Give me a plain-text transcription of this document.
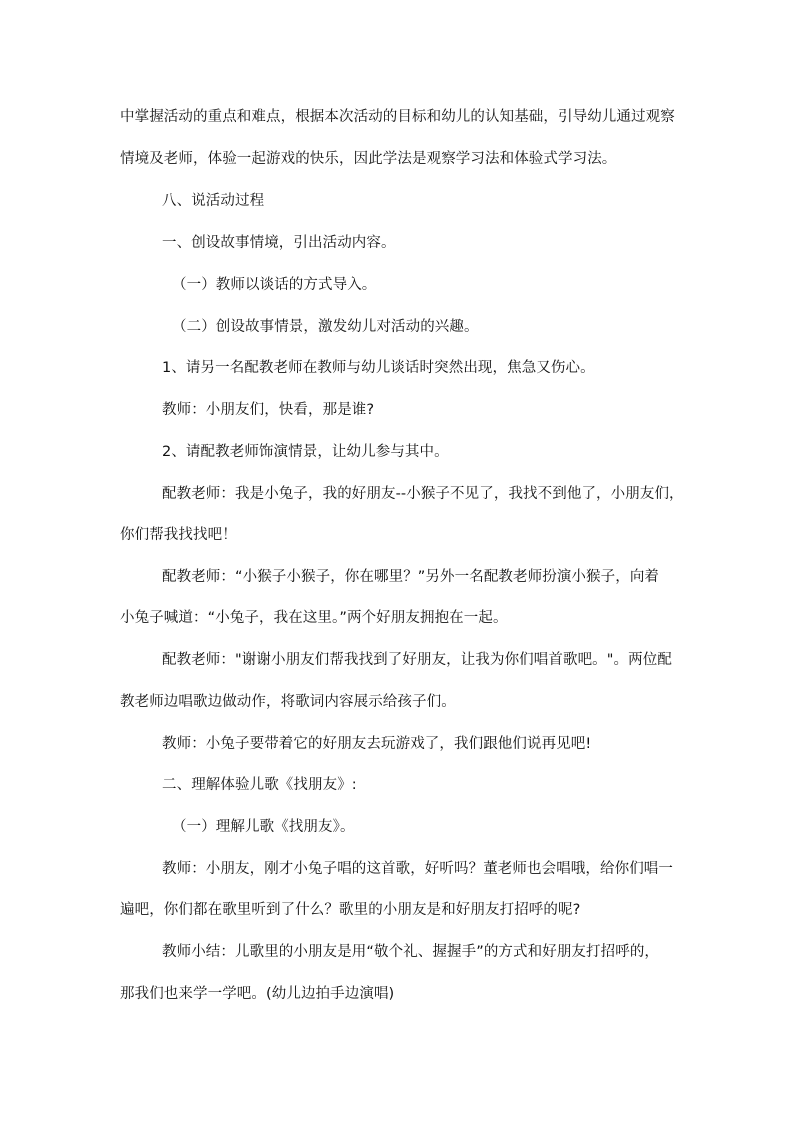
中掌握活动的重点和难点，根据本次活动的目标和幼儿的认知基础，引导幼儿通过观察
情境及老师，体验一起游戏的快乐，因此学法是观察学习法和体验式学习法。
八、说活动过程
一、创设故事情境，引出活动内容。
（一）教师以谈话的方式导入。
（二）创设故事情景，激发幼儿对活动的兴趣。
1、请另一名配教老师在教师与幼儿谈话时突然出现，焦急又伤心。
教师：小朋友们，快看，那是谁?
2、请配教老师饰演情景，让幼儿参与其中。
配教老师：我是小兔子，我的好朋友--小猴子不见了，我找不到他了，小朋友们，
你们帮我找找吧！
配教老师：“小猴子小猴子，你在哪里？”另外一名配教老师扮演小猴子，向着
小兔子喊道：“小兔子，我在这里。”两个好朋友拥抱在一起。
配教老师："谢谢小朋友们帮我找到了好朋友，让我为你们唱首歌吧。"。两位配
教老师边唱歌边做动作，将歌词内容展示给孩子们。
教师：小兔子要带着它的好朋友去玩游戏了，我们跟他们说再见吧!
二、理解体验儿歌《找朋友》:
（一）理解儿歌《找朋友》。
教师：小朋友，刚才小兔子唱的这首歌，好听吗？董老师也会唱哦，给你们唱一
遍吧，你们都在歌里听到了什么？歌里的小朋友是和好朋友打招呼的呢?
教师小结：儿歌里的小朋友是用“敬个礼、握握手”的方式和好朋友打招呼的，
那我们也来学一学吧。(幼儿边拍手边演唱)
